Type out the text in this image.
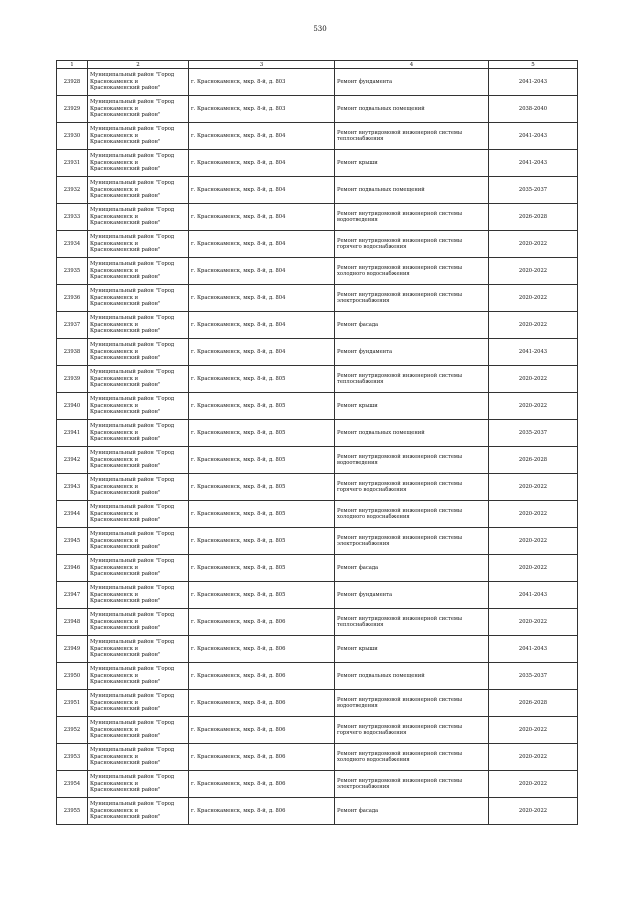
530
1	2	3	4	5
23928	Муниципальный район "Город Краснокаменск и Краснокаменский район"	г. Краснокаменск, мкр. 8-й, д. 803	Ремонт фундамента	2041-2043
23929	Муниципальный район "Город Краснокаменск и Краснокаменский район"	г. Краснокаменск, мкр. 8-й, д. 803	Ремонт подвальных помещений	2038-2040
23930	Муниципальный район "Город Краснокаменск и Краснокаменский район"	г. Краснокаменск, мкр. 8-й, д. 804	Ремонт внутридомовой инженерной системы теплоснабжения	2041-2043
23931	Муниципальный район "Город Краснокаменск и Краснокаменский район"	г. Краснокаменск, мкр. 8-й, д. 804	Ремонт крыши	2041-2043
23932	Муниципальный район "Город Краснокаменск и Краснокаменский район"	г. Краснокаменск, мкр. 8-й, д. 804	Ремонт подвальных помещений	2035-2037
23933	Муниципальный район "Город Краснокаменск и Краснокаменский район"	г. Краснокаменск, мкр. 8-й, д. 804	Ремонт внутридомовой инженерной системы водоотведения	2026-2028
23934	Муниципальный район "Город Краснокаменск и Краснокаменский район"	г. Краснокаменск, мкр. 8-й, д. 804	Ремонт внутридомовой инженерной системы горячего водоснабжения	2020-2022
23935	Муниципальный район "Город Краснокаменск и Краснокаменский район"	г. Краснокаменск, мкр. 8-й, д. 804	Ремонт внутридомовой инженерной системы холодного водоснабжения	2020-2022
23936	Муниципальный район "Город Краснокаменск и Краснокаменский район"	г. Краснокаменск, мкр. 8-й, д. 804	Ремонт внутридомовой инженерной системы электроснабжения	2020-2022
23937	Муниципальный район "Город Краснокаменск и Краснокаменский район"	г. Краснокаменск, мкр. 8-й, д. 804	Ремонт фасада	2020-2022
23938	Муниципальный район "Город Краснокаменск и Краснокаменский район"	г. Краснокаменск, мкр. 8-й, д. 804	Ремонт фундамента	2041-2043
23939	Муниципальный район "Город Краснокаменск и Краснокаменский район"	г. Краснокаменск, мкр. 8-й, д. 805	Ремонт внутридомовой инженерной системы теплоснабжения	2020-2022
23940	Муниципальный район "Город Краснокаменск и Краснокаменский район"	г. Краснокаменск, мкр. 8-й, д. 805	Ремонт крыши	2020-2022
23941	Муниципальный район "Город Краснокаменск и Краснокаменский район"	г. Краснокаменск, мкр. 8-й, д. 805	Ремонт подвальных помещений	2035-2037
23942	Муниципальный район "Город Краснокаменск и Краснокаменский район"	г. Краснокаменск, мкр. 8-й, д. 805	Ремонт внутридомовой инженерной системы водоотведения	2026-2028
23943	Муниципальный район "Город Краснокаменск и Краснокаменский район"	г. Краснокаменск, мкр. 8-й, д. 805	Ремонт внутридомовой инженерной системы горячего водоснабжения	2020-2022
23944	Муниципальный район "Город Краснокаменск и Краснокаменский район"	г. Краснокаменск, мкр. 8-й, д. 805	Ремонт внутридомовой инженерной системы холодного водоснабжения	2020-2022
23945	Муниципальный район "Город Краснокаменск и Краснокаменский район"	г. Краснокаменск, мкр. 8-й, д. 805	Ремонт внутридомовой инженерной системы электроснабжения	2020-2022
23946	Муниципальный район "Город Краснокаменск и Краснокаменский район"	г. Краснокаменск, мкр. 8-й, д. 805	Ремонт фасада	2020-2022
23947	Муниципальный район "Город Краснокаменск и Краснокаменский район"	г. Краснокаменск, мкр. 8-й, д. 805	Ремонт фундамента	2041-2043
23948	Муниципальный район "Город Краснокаменск и Краснокаменский район"	г. Краснокаменск, мкр. 8-й, д. 806	Ремонт внутридомовой инженерной системы теплоснабжения	2020-2022
23949	Муниципальный район "Город Краснокаменск и Краснокаменский район"	г. Краснокаменск, мкр. 8-й, д. 806	Ремонт крыши	2041-2043
23950	Муниципальный район "Город Краснокаменск и Краснокаменский район"	г. Краснокаменск, мкр. 8-й, д. 806	Ремонт подвальных помещений	2035-2037
23951	Муниципальный район "Город Краснокаменск и Краснокаменский район"	г. Краснокаменск, мкр. 8-й, д. 806	Ремонт внутридомовой инженерной системы водоотведения	2026-2028
23952	Муниципальный район "Город Краснокаменск и Краснокаменский район"	г. Краснокаменск, мкр. 8-й, д. 806	Ремонт внутридомовой инженерной системы горячего водоснабжения	2020-2022
23953	Муниципальный район "Город Краснокаменск и Краснокаменский район"	г. Краснокаменск, мкр. 8-й, д. 806	Ремонт внутридомовой инженерной системы холодного водоснабжения	2020-2022
23954	Муниципальный район "Город Краснокаменск и Краснокаменский район"	г. Краснокаменск, мкр. 8-й, д. 806	Ремонт внутридомовой инженерной системы электроснабжения	2020-2022
23955	Муниципальный район "Город Краснокаменск и Краснокаменский район"	г. Краснокаменск, мкр. 8-й, д. 806	Ремонт фасада	2020-2022
